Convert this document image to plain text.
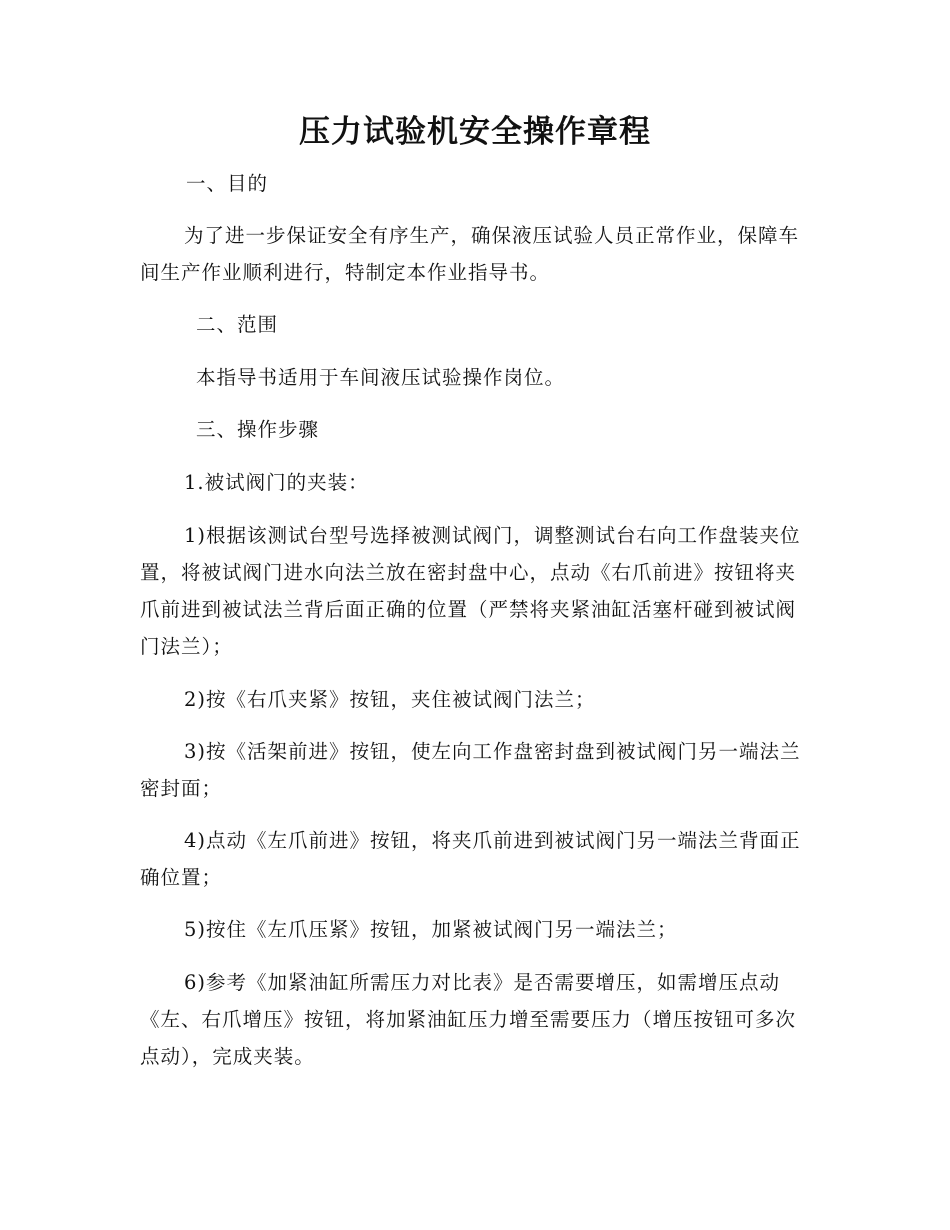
压力试验机安全操作章程

一、目的

为了进一步保证安全有序生产，确保液压试验人员正常作业，保障车间生产作业顺利进行，特制定本作业指导书。

二、范围

本指导书适用于车间液压试验操作岗位。

三、操作步骤

1.被试阀门的夹装：

1)根据该测试台型号选择被测试阀门，调整测试台右向工作盘装夹位置，将被试阀门进水向法兰放在密封盘中心，点动《右爪前进》按钮将夹爪前进到被试法兰背后面正确的位置（严禁将夹紧油缸活塞杆碰到被试阀门法兰）；

2)按《右爪夹紧》按钮，夹住被试阀门法兰；

3)按《活架前进》按钮，使左向工作盘密封盘到被试阀门另一端法兰密封面；

4)点动《左爪前进》按钮，将夹爪前进到被试阀门另一端法兰背面正确位置；

5)按住《左爪压紧》按钮，加紧被试阀门另一端法兰；

6)参考《加紧油缸所需压力对比表》是否需要增压，如需增压点动《左、右爪增压》按钮，将加紧油缸压力增至需要压力（增压按钮可多次点动），完成夹装。
